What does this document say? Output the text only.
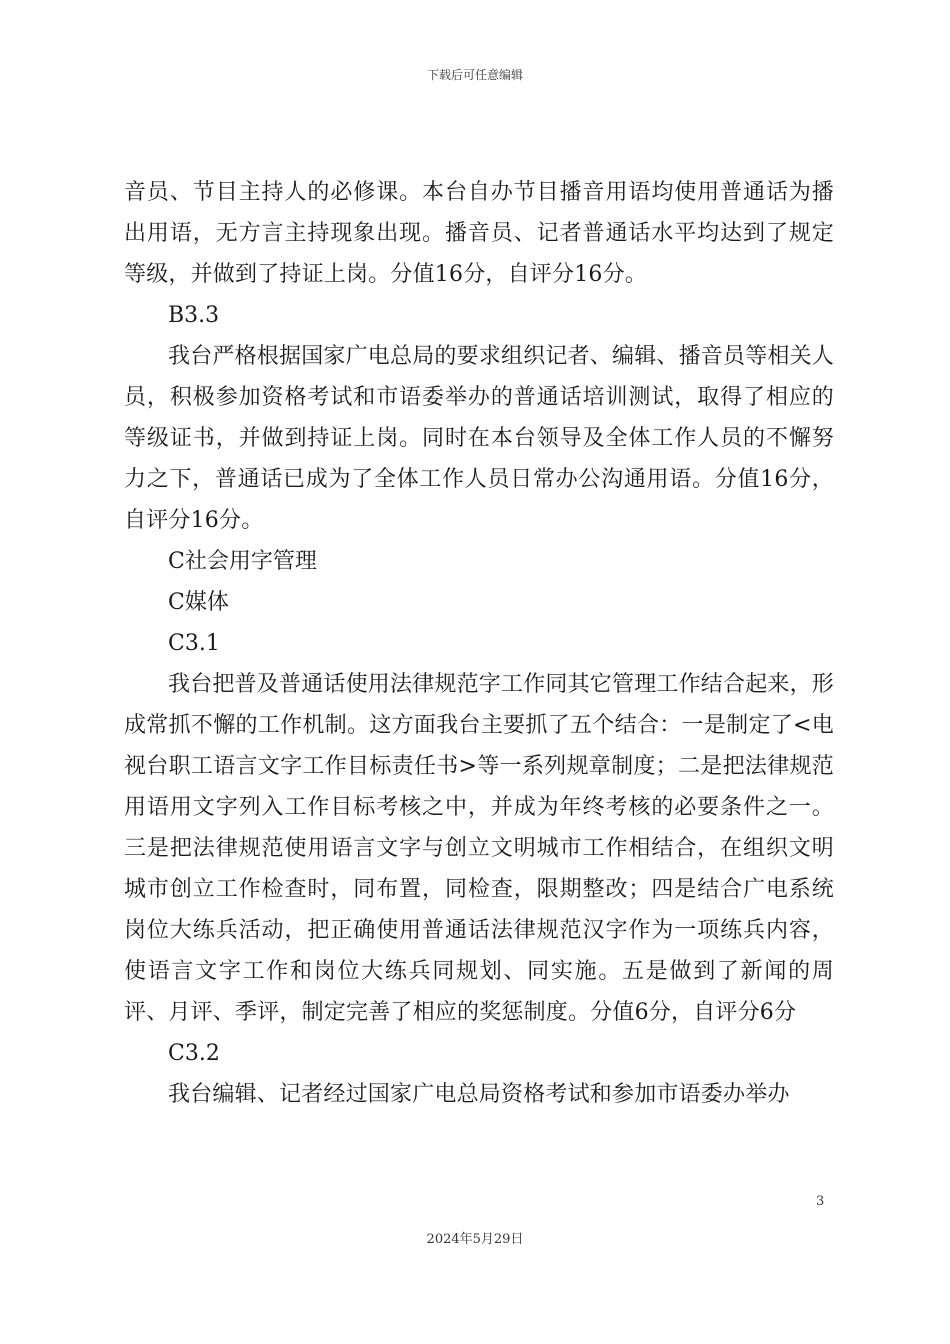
下载后可任意编辑

音员、节目主持人的必修课。本台自办节目播音用语均使用普通话为播出用语，无方言主持现象出现。播音员、记者普通话水平均达到了规定等级，并做到了持证上岗。分值16分，自评分16分。

B3.3

我台严格根据国家广电总局的要求组织记者、编辑、播音员等相关人员，积极参加资格考试和市语委举办的普通话培训测试，取得了相应的等级证书，并做到持证上岗。同时在本台领导及全体工作人员的不懈努力之下，普通话已成为了全体工作人员日常办公沟通用语。分值16分，自评分16分。

C社会用字管理

C媒体

C3.1

我台把普及普通话使用法律规范字工作同其它管理工作结合起来，形成常抓不懈的工作机制。这方面我台主要抓了五个结合：一是制定了<电视台职工语言文字工作目标责任书>等一系列规章制度；二是把法律规范用语用文字列入工作目标考核之中，并成为年终考核的必要条件之一。三是把法律规范使用语言文字与创立文明城市工作相结合，在组织文明城市创立工作检查时，同布置，同检查，限期整改；四是结合广电系统岗位大练兵活动，把正确使用普通话法律规范汉字作为一项练兵内容，使语言文字工作和岗位大练兵同规划、同实施。五是做到了新闻的周评、月评、季评，制定完善了相应的奖惩制度。分值6分，自评分6分

C3.2

我台编辑、记者经过国家广电总局资格考试和参加市语委办举办

3
2024年5月29日
